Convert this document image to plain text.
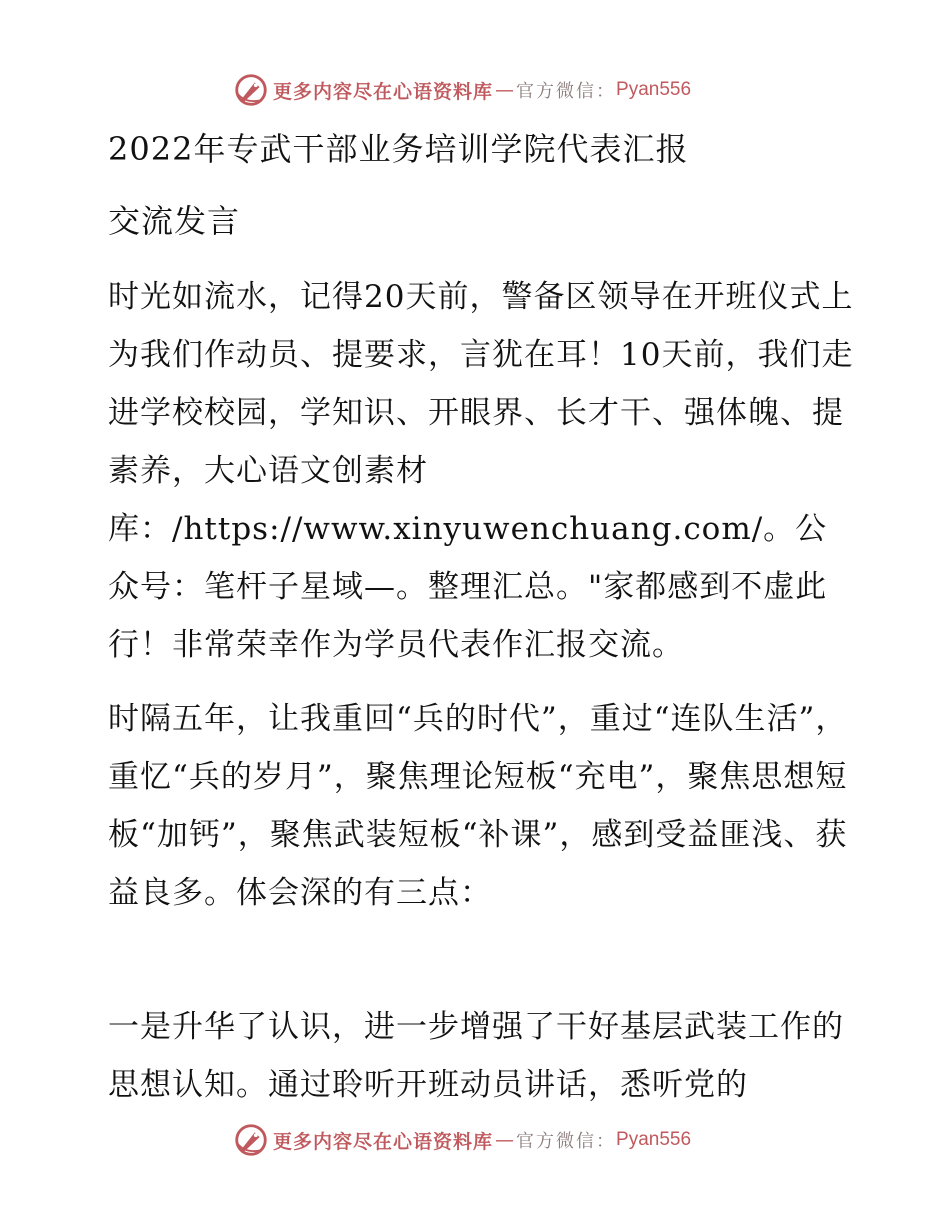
更多内容尽在心语资料库 — 官方微信： Pyan556
2022年专武干部业务培训学院代表汇报
交流发言

时光如流水，记得20天前，警备区领导在开班仪式上为我们作动员、提要求，言犹在耳！10天前，我们走进学校校园，学知识、开眼界、长才干、强体魄、提素养，大心语文创素材库：/https://www.xinyuwenchuang.com/。公众号：笔杆子星域—。整理汇总。"家都感到不虚此行！非常荣幸作为学员代表作汇报交流。

时隔五年，让我重回“兵的时代”，重过“连队生活”，重忆“兵的岁月”，聚焦理论短板“充电”，聚焦思想短板“加钙”，聚焦武装短板“补课”，感到受益匪浅、获益良多。体会深的有三点：

一是升华了认识，进一步增强了干好基层武装工作的思想认知。通过聆听开班动员讲话，悉听党的

更多内容尽在心语资料库 — 官方微信： Pyan556
